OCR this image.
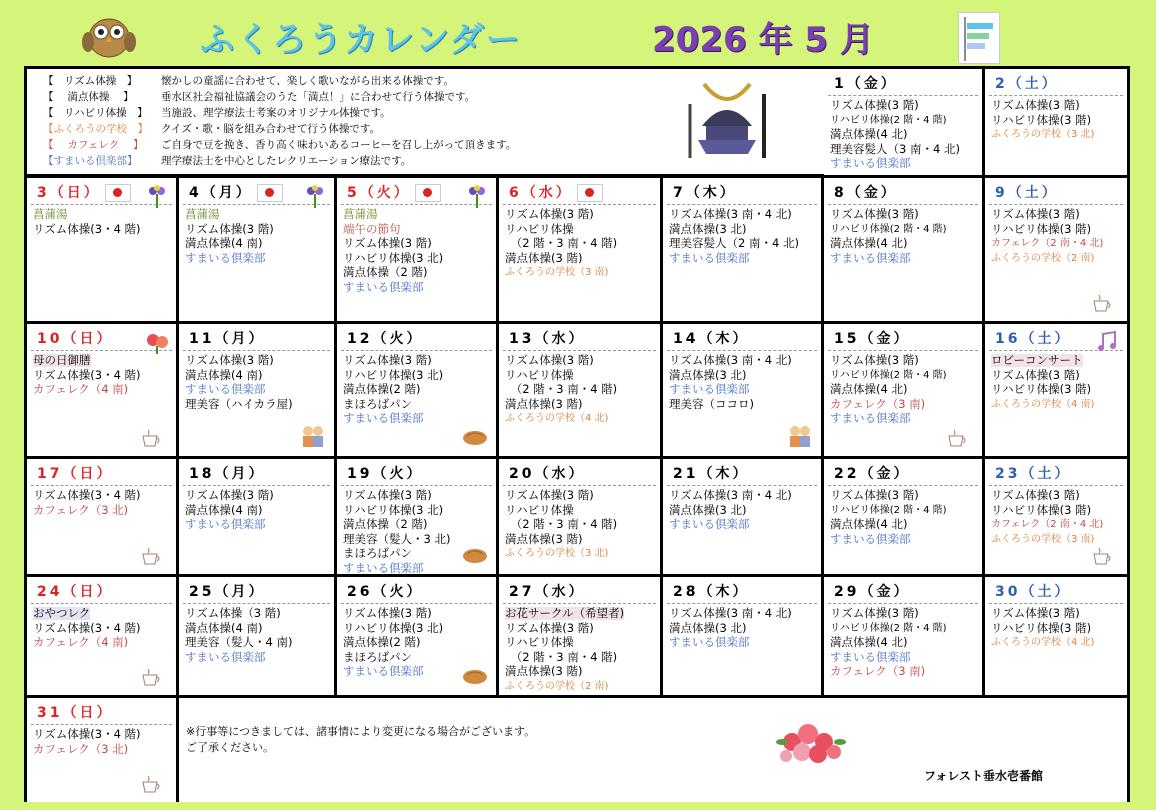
ふくろうカレンダー	2026 年 5 月
【　リズム体操　】 懐かしの童謡に合わせて、楽しく歌いながら出来る体操です。
【　 満点体操　 】	垂水区社会福祉協議会のうた「満点！」に合わせて行う体操です。
【　リハビリ体操　】 当施設、理学療法士考案のオリジナル体操です。
【ふくろうの学校　】 クイズ・歌・脳を組み合わせて行う体操です。
【　 カフェレク　 】 ご自身で豆を挽き、香り高く味わいあるコーヒーを召し上がって頂きます。
【すまいる倶楽部】 理学療法士を中心としたレクリエーション療法です。
1（金）
リズム体操(3 階)
リハビリ体操(2 階・4 階)
満点体操(4 北)
理美容髪人（3 南・4 北)
すまいる倶楽部
2（土）
リズム体操(3 階)
リハビリ体操(3 階)
ふくろうの学校（3 北)
3（日）
菖蒲湯
リズム体操(3・4 階)
4（月）
菖蒲湯
リズム体操(3 階)
満点体操(4 南)
すまいる倶楽部
5（火）
菖蒲湯
端午の節句
リズム体操(3 階)
リハビリ体操(3 北)
満点体操（2 階)
すまいる倶楽部
6（水）
リズム体操(3 階)
リハビリ体操
　（2 階・3 南・4 階)
満点体操(3 階)
ふくろうの学校（3 南)
7（木）
リズム体操(3 南・4 北)
満点体操(3 北)
理美容髪人（2 南・4 北)
すまいる倶楽部
8（金）
リズム体操(3 階)
リハビリ体操(2 階・4 階)
満点体操(4 北)
すまいる倶楽部
9（土）
リズム体操(3 階)
リハビリ体操(3 階)
カフェレク（2 南・4 北)
ふくろうの学校（2 南)
10（日）
母の日御膳
リズム体操(3・4 階)
カフェレク（4 南)
11（月）
リズム体操(3 階)
満点体操(4 南)
すまいる倶楽部
理美容（ハイカラ屋)
12（火）
リズム体操(3 階)
リハビリ体操(3 北)
満点体操(2 階)
まほろばパン
すまいる倶楽部
13（水）
リズム体操(3 階)
リハビリ体操
　（2 階・3 南・4 階)
満点体操(3 階)
ふくろうの学校（4 北)
14（木）
リズム体操(3 南・4 北)
満点体操(3 北)
すまいる倶楽部
理美容（ココロ)
15（金）
リズム体操(3 階)
リハビリ体操(2 階・4 階)
満点体操(4 北)
カフェレク（3 南)
すまいる倶楽部
16（土）
ロビーコンサート
リズム体操(3 階)
リハビリ体操(3 階)
ふくろうの学校（4 南)
17（日）
リズム体操(3・4 階)
カフェレク（3 北)
18（月）
リズム体操(3 階)
満点体操(4 南)
すまいる倶楽部
19（火）
リズム体操(3 階)
リハビリ体操(3 北)
満点体操（2 階)
理美容（髪人・3 北)
まほろばパン
すまいる倶楽部
20（水）
リズム体操(3 階)
リハビリ体操
　（2 階・3 南・4 階)
満点体操(3 階)
ふくろうの学校（3 北)
21（木）
リズム体操(3 南・4 北)
満点体操(3 北)
すまいる倶楽部
22（金）
リズム体操(3 階)
リハビリ体操(2 階・4 階)
満点体操(4 北)
すまいる倶楽部
23（土）
リズム体操(3 階)
リハビリ体操(3 階)
カフェレク（2 南・4 北)
ふくろうの学校（3 南)
24（日）
おやつレク
リズム体操(3・4 階)
カフェレク（4 南)
25（月）
リズム体操（3 階)
満点体操(4 南)
理美容（髪人・4 南)
すまいる倶楽部
26（火）
リズム体操(3 階)
リハビリ体操(3 北)
満点体操(2 階)
まほろばパン
すまいる倶楽部
27（水）
お花サークル（希望者)
リズム体操(3 階)
リハビリ体操
　（2 階・3 南・4 階)
満点体操(3 階)
ふくろうの学校（2 南)
28（木）
リズム体操(3 南・4 北)
満点体操(3 北)
すまいる倶楽部
29（金）
リズム体操(3 階)
リハビリ体操(2 階・4 階)
満点体操(4 北)
すまいる倶楽部
カフェレク（3 南)
30（土）
リズム体操(3 階)
リハビリ体操(3 階)
ふくろうの学校（4 北)
31（日）
リズム体操(3・4 階)
カフェレク（3 北)
※行事等につきましては、諸事情により変更になる場合がございます。
ご了承ください。
フォレスト垂水壱番館
